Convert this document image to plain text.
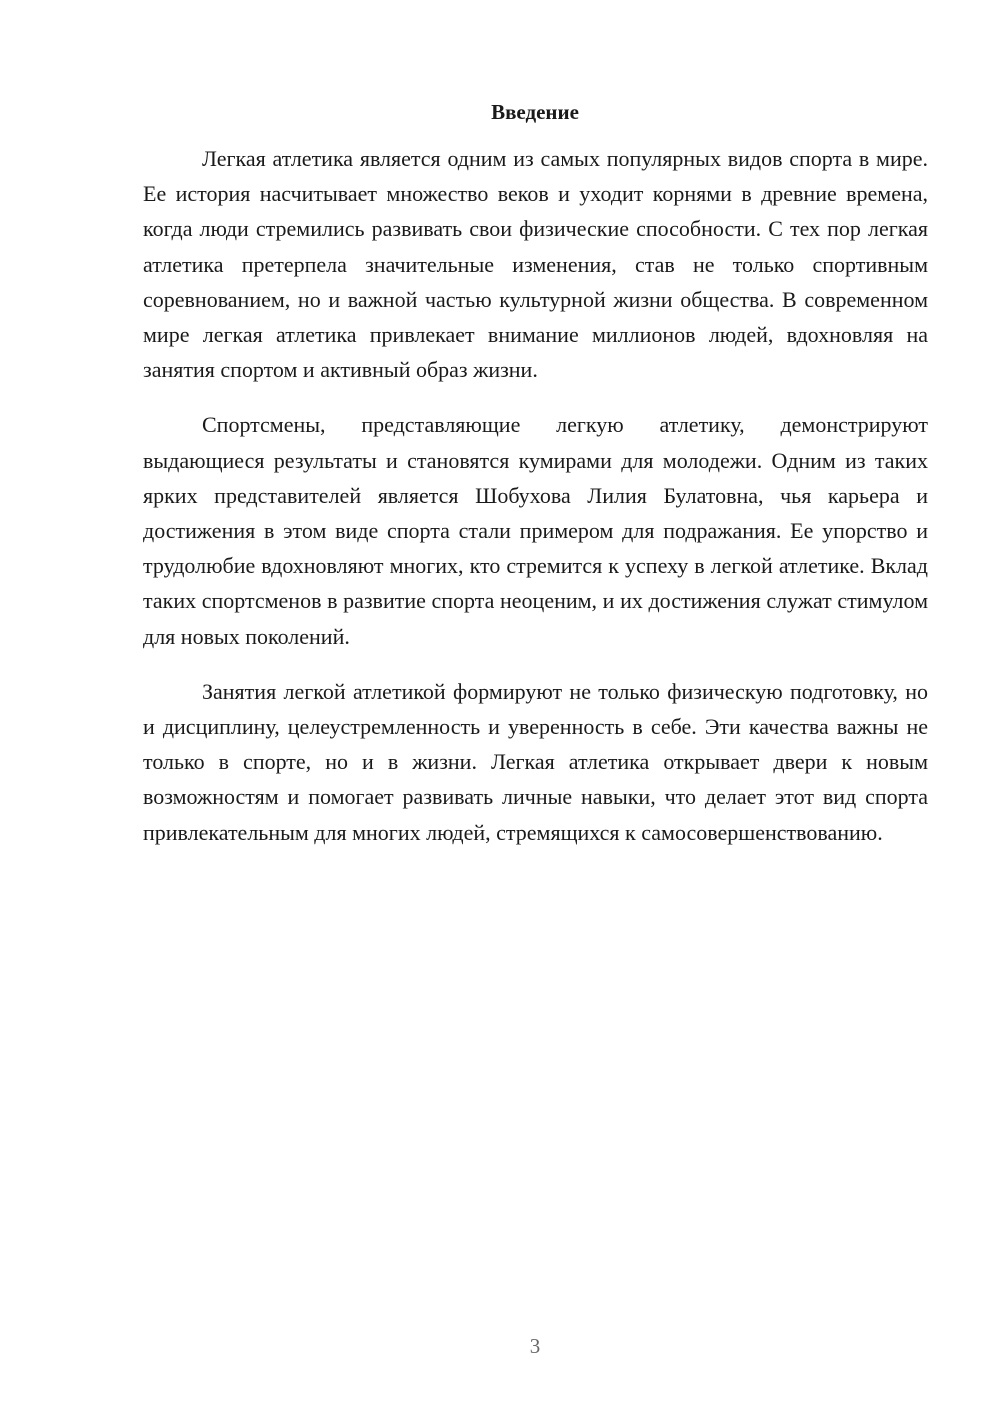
Введение

Легкая атлетика является одним из самых популярных видов спорта в мире. Ее история насчитывает множество веков и уходит корнями в древние времена, когда люди стремились развивать свои физические способности. С тех пор легкая атлетика претерпела значительные изменения, став не только спортивным соревнованием, но и важной частью культурной жизни общества. В современном мире легкая атлетика привлекает внимание миллионов людей, вдохновляя на занятия спортом и активный образ жизни.

Спортсмены, представляющие легкую атлетику, демонстрируют выдающиеся результаты и становятся кумирами для молодежи. Одним из таких ярких представителей является Шобухова Лилия Булатовна, чья карьера и достижения в этом виде спорта стали примером для подражания. Ее упорство и трудолюбие вдохновляют многих, кто стремится к успеху в легкой атлетике. Вклад таких спортсменов в развитие спорта неоценим, и их достижения служат стимулом для новых поколений.

Занятия легкой атлетикой формируют не только физическую подготовку, но и дисциплину, целеустремленность и уверенность в себе. Эти качества важны не только в спорте, но и в жизни. Легкая атлетика открывает двери к новым возможностям и помогает развивать личные навыки, что делает этот вид спорта привлекательным для многих людей, стремящихся к самосовершенствованию.

3
